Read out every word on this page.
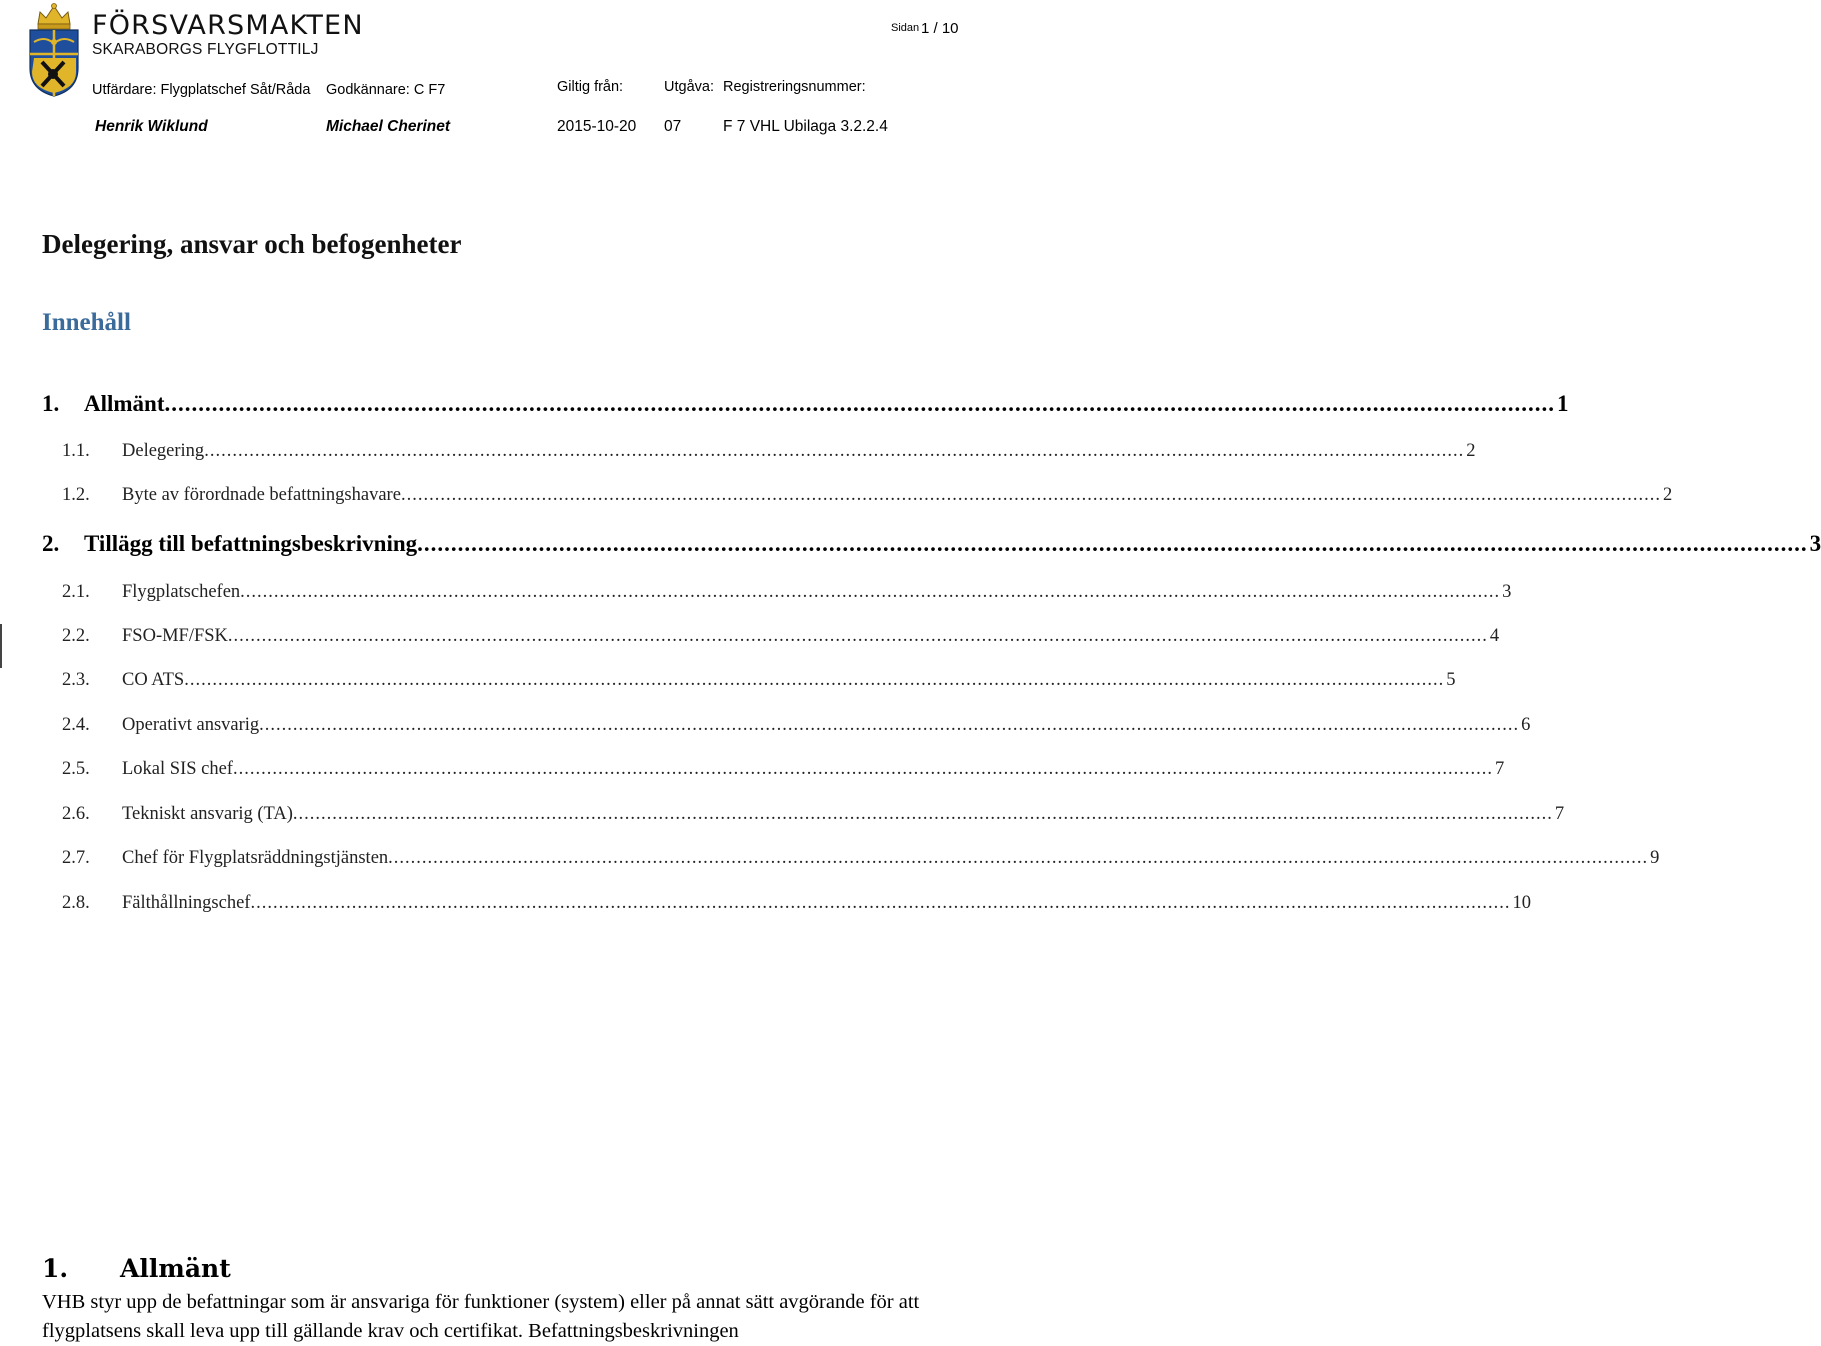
FÖRSVARSMAKTEN
SKARABORGS FLYGFLOTTILJ
Sidan 1 / 10
Utfärdare: Flygplatschef Såt/Råda Godkännare: C F7	Giltig från:	Utgåva: Registreringsnummer:
Henrik Wiklund	Michael Cherinet	2015-10-20 07	F 7 VHL Ubilaga 3.2.2.4
Delegering, ansvar och befogenheter
Innehåll
1.	Allmänt .............................................................................................................................................................................................................. 1
1.1.	Delegering ................................................................................................................................................................................................................................ 2
1.2.	Byte av förordnade befattningshavare ................................................................................................................................................................................................................................ 2
2.	Tillägg till befattningsbeskrivning .............................................................................................................................................................................................................. 3
2.1.	Flygplatschefen ................................................................................................................................................................................................................................ 3
2.2.	FSO-MF/FSK ................................................................................................................................................................................................................................ 4
2.3.	CO ATS ................................................................................................................................................................................................................................ 5
2.4.	Operativt ansvarig ................................................................................................................................................................................................................................ 6
2.5.	Lokal SIS chef ................................................................................................................................................................................................................................ 7
2.6.	Tekniskt ansvarig (TA) ................................................................................................................................................................................................................................ 7
2.7.	Chef för Flygplatsräddningstjänsten ................................................................................................................................................................................................................................ 9
2.8.	Fälthållningschef ................................................................................................................................................................................................................................ 10
1. Allmänt
VHB styr upp de befattningar som är ansvariga för funktioner (system) eller på annat sätt avgörande för att flygplatsens skall leva upp till gällande krav och certifikat. Befattningsbeskrivningen
